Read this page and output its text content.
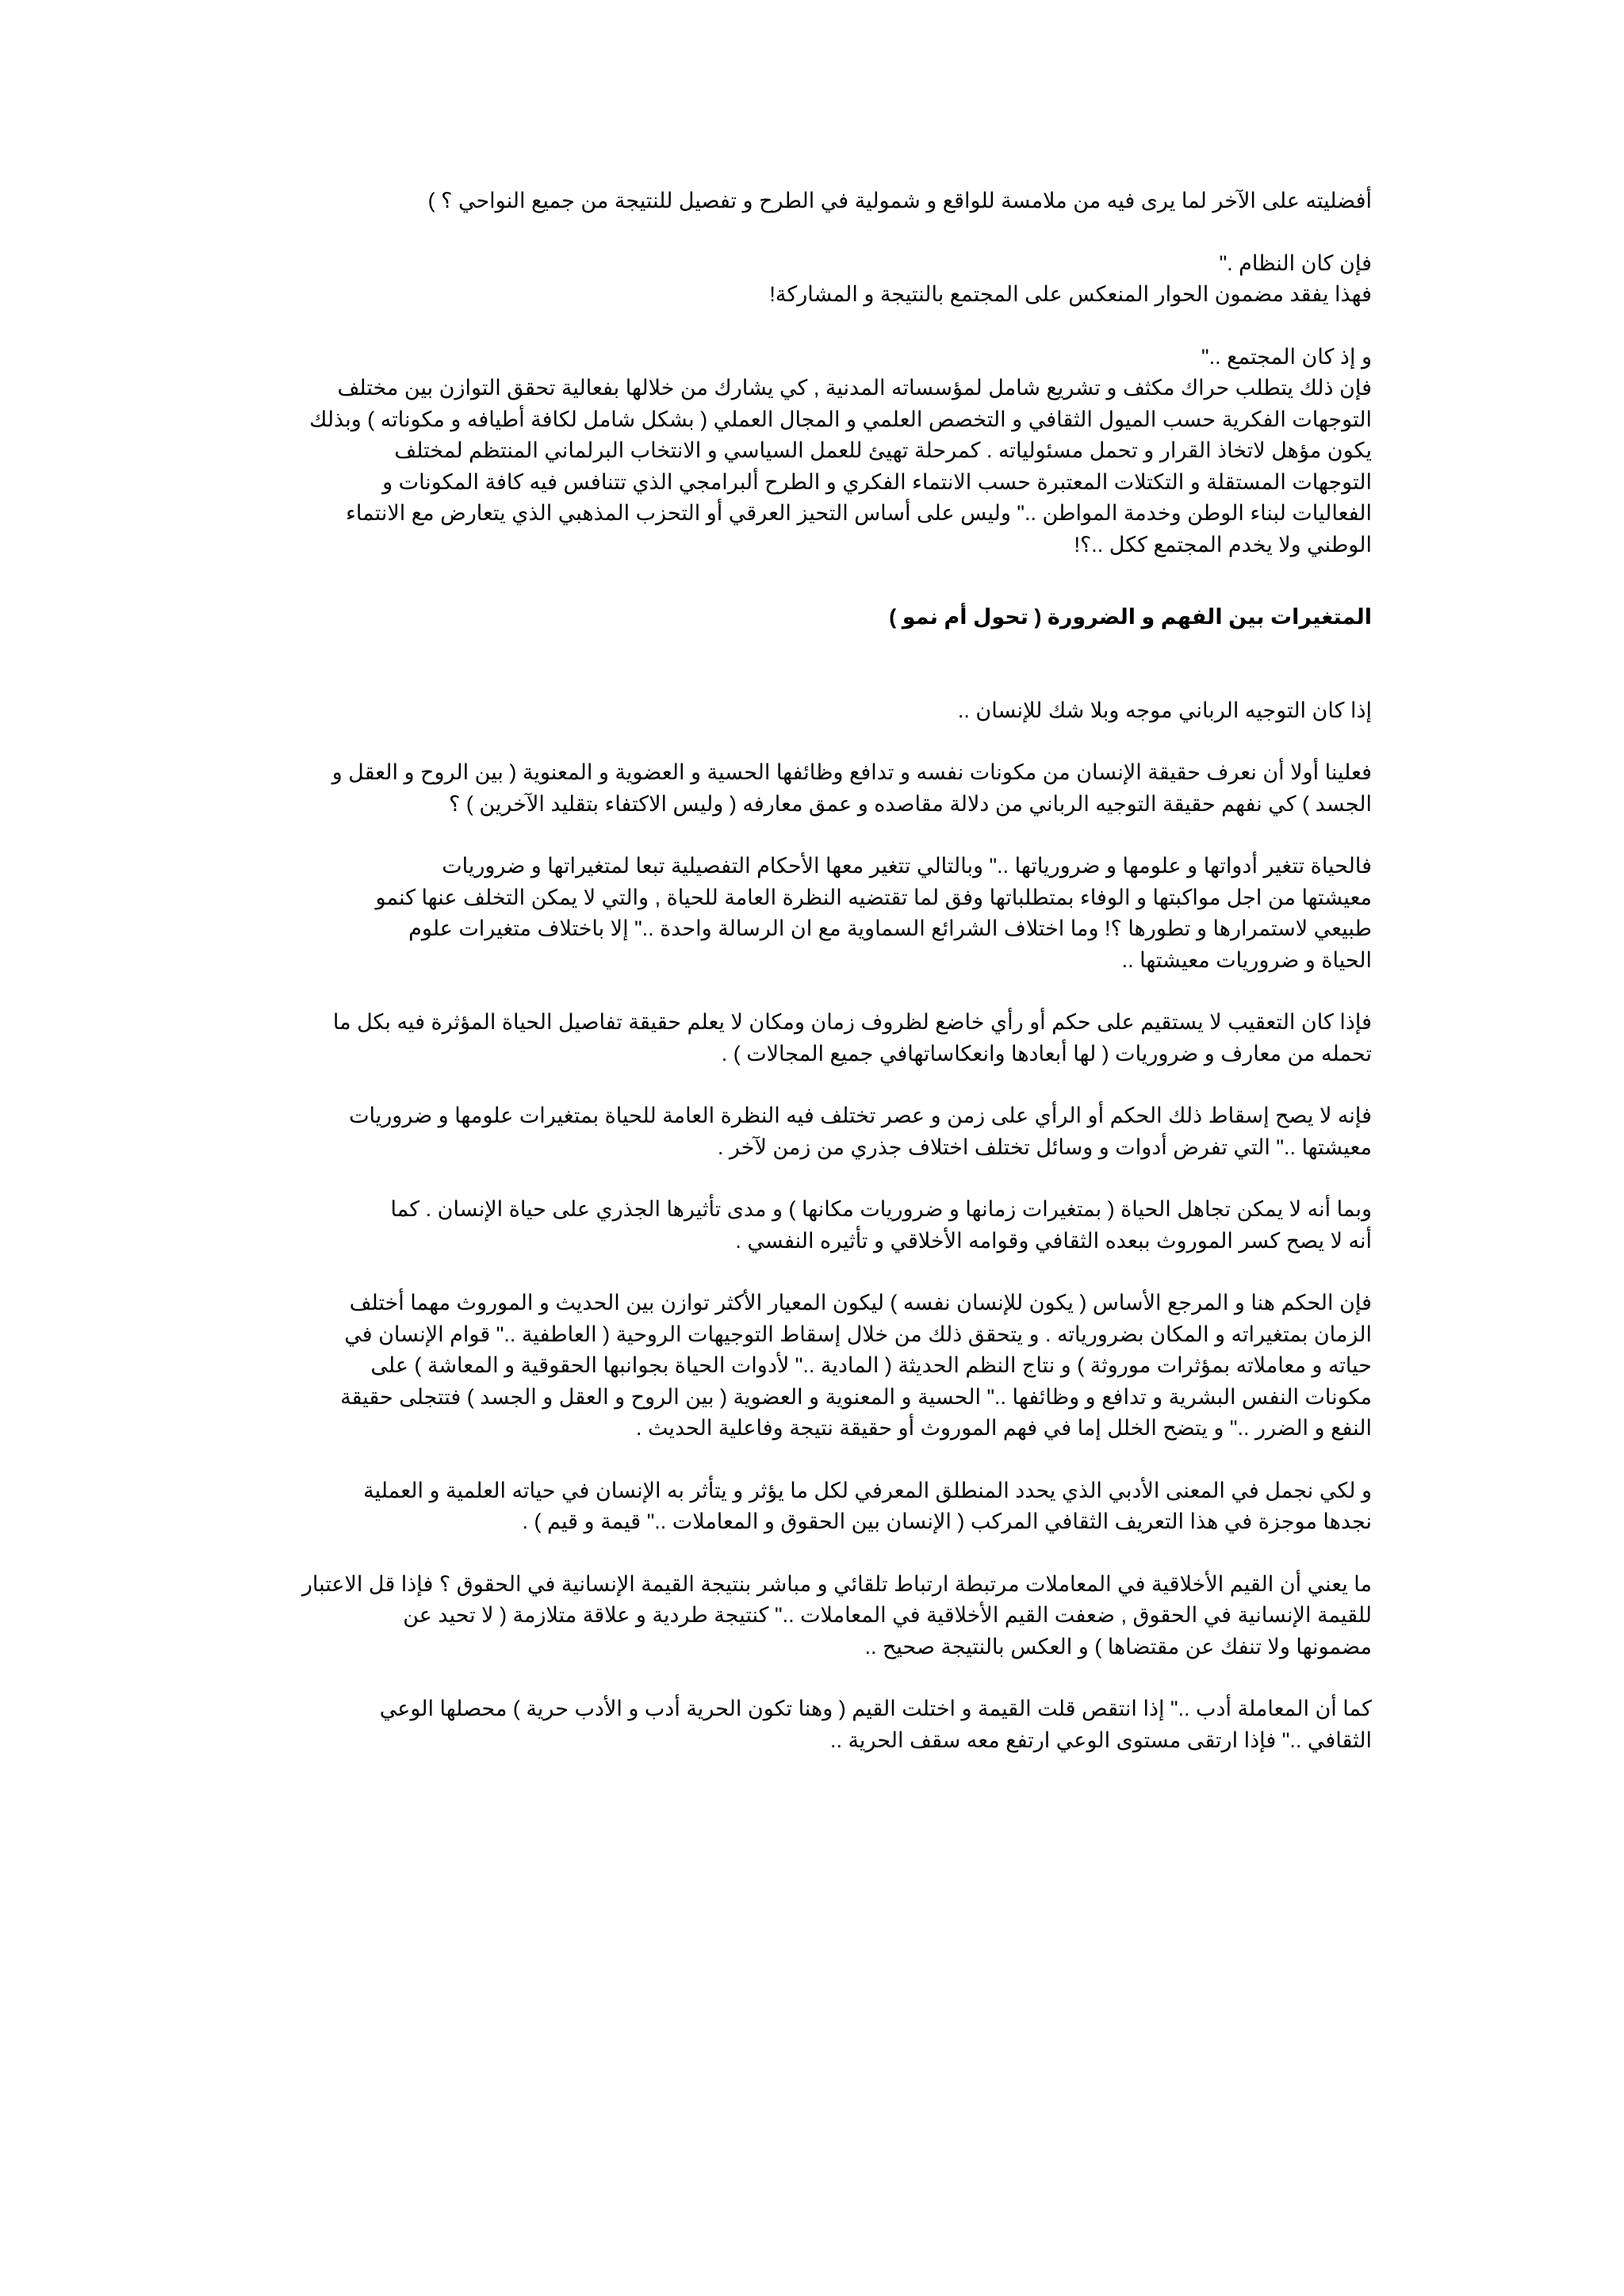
أفضليته على الآخر لما يرى فيه من ملامسة للواقع و شمولية في الطرح و تفصيل للنتيجة من جميع النواحي ؟ )
فإن كان النظام ."
فهذا يفقد مضمون الحوار المنعكس على المجتمع بالنتيجة و المشاركة!
و إذ كان المجتمع .."
فإن ذلك يتطلب حراك مكثف و تشريع شامل لمؤسساته المدنية , كي يشارك من خلالها بفعالية تحقق التوازن بين مختلف
التوجهات الفكرية حسب الميول الثقافي و التخصص العلمي و المجال العملي ( بشكل شامل لكافة أطيافه و مكوناته ) وبذلك
يكون مؤهل لاتخاذ القرار و تحمل مسئولياته . كمرحلة تهيئ للعمل السياسي و الانتخاب البرلماني المنتظم لمختلف
التوجهات المستقلة و التكتلات المعتبرة حسب الانتماء الفكري و الطرح ألبرامجي الذي تتنافس فيه كافة المكونات و
الفعاليات لبناء الوطن وخدمة المواطن .." وليس على أساس التحيز العرقي أو التحزب المذهبي الذي يتعارض مع الانتماء
الوطني ولا يخدم المجتمع ككل ..؟!
المتغيرات بين الفهم و الضرورة ( تحول أم نمو )
إذا كان التوجيه الرباني موجه وبلا شك للإنسان ..
فعلينا أولا أن نعرف حقيقة الإنسان من مكونات نفسه و تدافع وظائفها الحسية و العضوية و المعنوية ( بين الروح و العقل و
الجسد ) كي نفهم حقيقة التوجيه الرباني من دلالة مقاصده و عمق معارفه ( وليس الاكتفاء بتقليد الآخرين ) ؟
فالحياة تتغير أدواتها و علومها و ضرورياتها .." وبالتالي تتغير معها الأحكام التفصيلية تبعا لمتغيراتها و ضروريات
معيشتها من اجل مواكبتها و الوفاء بمتطلباتها وفق لما تقتضيه النظرة العامة للحياة , والتي لا يمكن التخلف عنها كنمو
طبيعي لاستمرارها و تطورها ؟! وما اختلاف الشرائع السماوية مع ان الرسالة واحدة .." إلا باختلاف متغيرات علوم
الحياة و ضروريات معيشتها ..
فإذا كان التعقيب لا يستقيم على حكم أو رأي خاضع لظروف زمان ومكان لا يعلم حقيقة تفاصيل الحياة المؤثرة فيه بكل ما
تحمله من معارف و ضروريات ( لها أبعادها وانعكاساتهافي جميع المجالات ) .
فإنه لا يصح إسقاط ذلك الحكم أو الرأي على زمن و عصر تختلف فيه النظرة العامة للحياة بمتغيرات علومها و ضروريات
معيشتها .." التي تفرض أدوات و وسائل تختلف اختلاف جذري من زمن لآخر .
وبما أنه لا يمكن تجاهل الحياة ( بمتغيرات زمانها و ضروريات مكانها ) و مدى تأثيرها الجذري على حياة الإنسان . كما
أنه لا يصح كسر الموروث ببعده الثقافي وقوامه الأخلاقي و تأثيره النفسي .
فإن الحكم هنا و المرجع الأساس ( يكون للإنسان نفسه ) ليكون المعيار الأكثر توازن بين الحديث و الموروث مهما أختلف
الزمان بمتغيراته و المكان بضرورياته . و يتحقق ذلك من خلال إسقاط التوجيهات الروحية ( العاطفية .." قوام الإنسان في
حياته و معاملاته بمؤثرات موروثة ) و نتاج النظم الحديثة ( المادية .." لأدوات الحياة بجوانبها الحقوقية و المعاشة ) على
مكونات النفس البشرية و تدافع و وظائفها .." الحسية و المعنوية و العضوية ( بين الروح و العقل و الجسد ) فتتجلى حقيقة
النفع و الضرر .." و يتضح الخلل إما في فهم الموروث أو حقيقة نتيجة وفاعلية الحديث .
و لكي نجمل في المعنى الأدبي الذي يحدد المنطلق المعرفي لكل ما يؤثر و يتأثر به الإنسان في حياته العلمية و العملية
نجدها موجزة في هذا التعريف الثقافي المركب ( الإنسان بين الحقوق و المعاملات .." قيمة و قيم ) .
ما يعني أن القيم الأخلاقية في المعاملات مرتبطة ارتباط تلقائي و مباشر بنتيجة القيمة الإنسانية في الحقوق ؟ فإذا قل الاعتبار
للقيمة الإنسانية في الحقوق , ضعفت القيم الأخلاقية في المعاملات .." كنتيجة طردية و علاقة متلازمة ( لا تحيد عن
مضمونها ولا تنفك عن مقتضاها ) و العكس بالنتيجة صحيح ..
كما أن المعاملة أدب .." إذا انتقص قلت القيمة و اختلت القيم ( وهنا تكون الحرية أدب و الأدب حرية ) محصلها الوعي
الثقافي .." فإذا ارتقى مستوى الوعي ارتفع معه سقف الحرية ..
